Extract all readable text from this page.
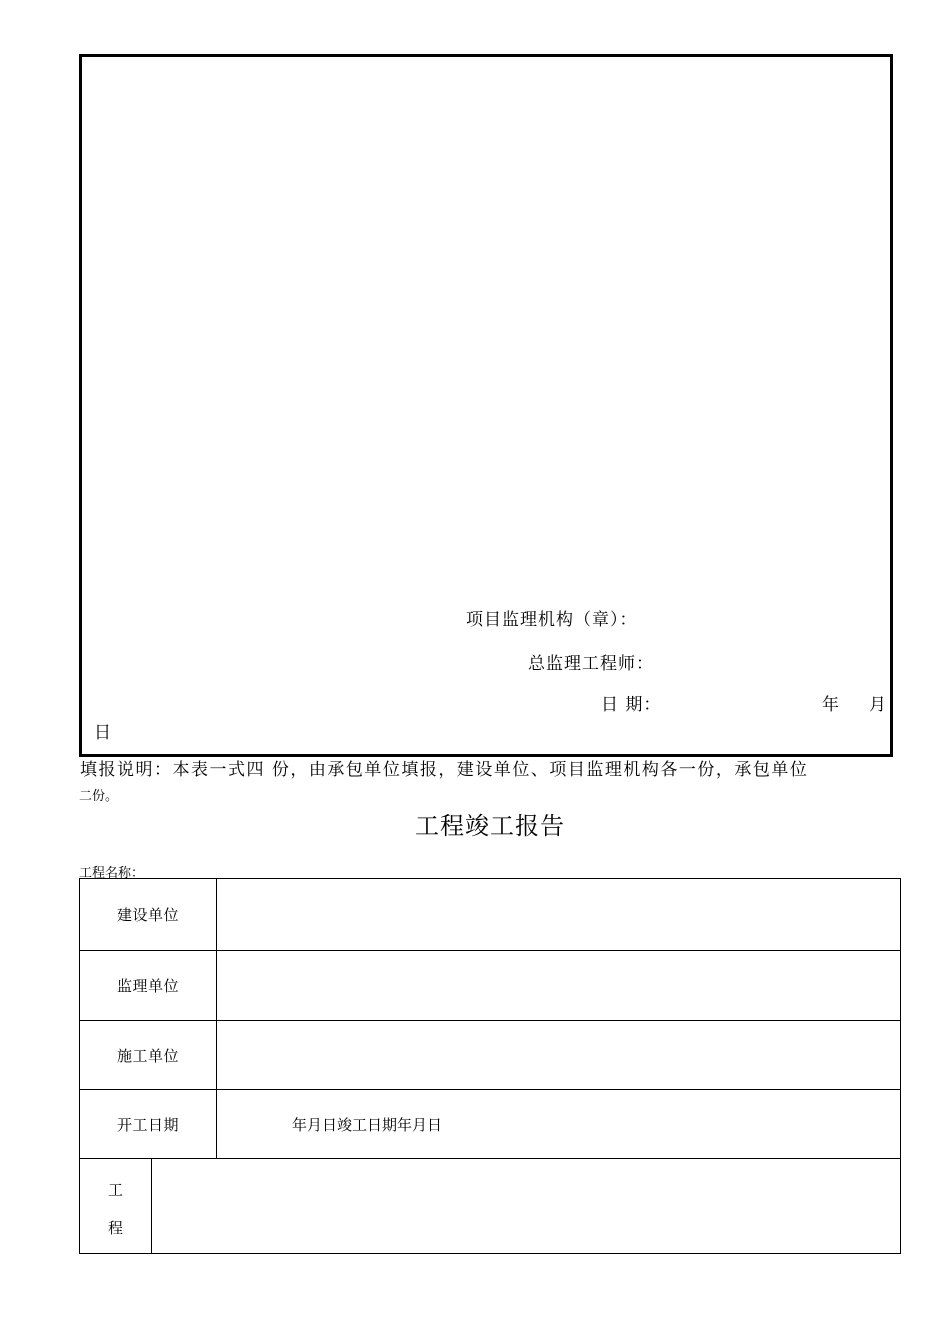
项目监理机构（章）：
总监理工程师：
日 期：	年 月
日
填报说明：本表一式四 份，由承包单位填报，建设单位、项目监理机构各一份，承包单位
二份。
工程竣工报告
工程名称：
建设单位
监理单位
施工单位
开工日期	年月日竣工日期年月日
工
程
